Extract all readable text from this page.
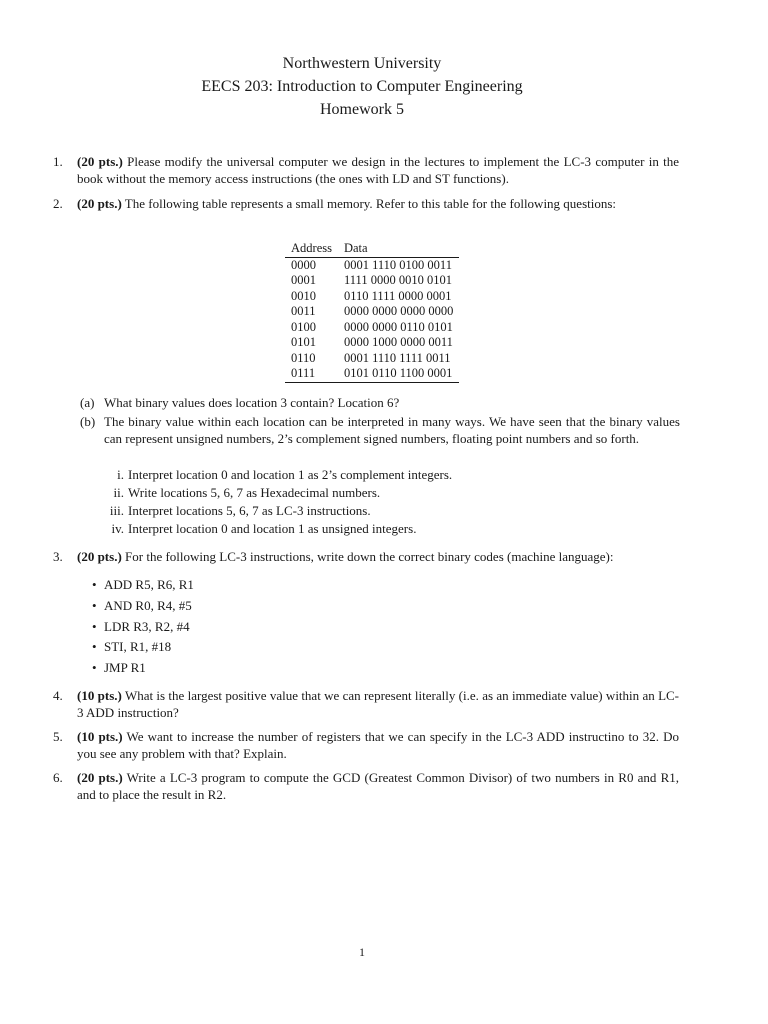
Northwestern University
EECS 203: Introduction to Computer Engineering
Homework 5
1.	(20 pts.) Please modify the universal computer we design in the lectures to implement the LC-3 computer in the book without the memory access instructions (the ones with LD and ST functions).
2.	(20 pts.) The following table represents a small memory. Refer to this table for the following questions:
Address	Data
0000	0001 1110 0100 0011
0001	1111 0000 0010 0101
0010	0110 1111 0000 0001
0011	0000 0000 0000 0000
0100	0000 0000 0110 0101
0101	0000 1000 0000 0011
0110	0001 1110 1111 0011
0111	0101 0110 1100 0001
(a) What binary values does location 3 contain? Location 6?
(b) The binary value within each location can be interpreted in many ways. We have seen that the binary values can represent unsigned numbers, 2’s complement signed numbers, floating point numbers and so forth.
i. Interpret location 0 and location 1 as 2’s complement integers.
ii. Write locations 5, 6, 7 as Hexadecimal numbers.
iii. Interpret locations 5, 6, 7 as LC-3 instructions.
iv. Interpret location 0 and location 1 as unsigned integers.
3.	(20 pts.) For the following LC-3 instructions, write down the correct binary codes (machine language):
• ADD R5, R6, R1
• AND R0, R4, #5
• LDR R3, R2, #4
• STI, R1, #18
• JMP R1
4.	(10 pts.) What is the largest positive value that we can represent literally (i.e. as an immediate value) within an LC-3 ADD instruction?
5.	(10 pts.) We want to increase the number of registers that we can specify in the LC-3 ADD instructino to 32. Do you see any problem with that? Explain.
6.	(20 pts.) Write a LC-3 program to compute the GCD (Greatest Common Divisor) of two numbers in R0 and R1, and to place the result in R2.
1
